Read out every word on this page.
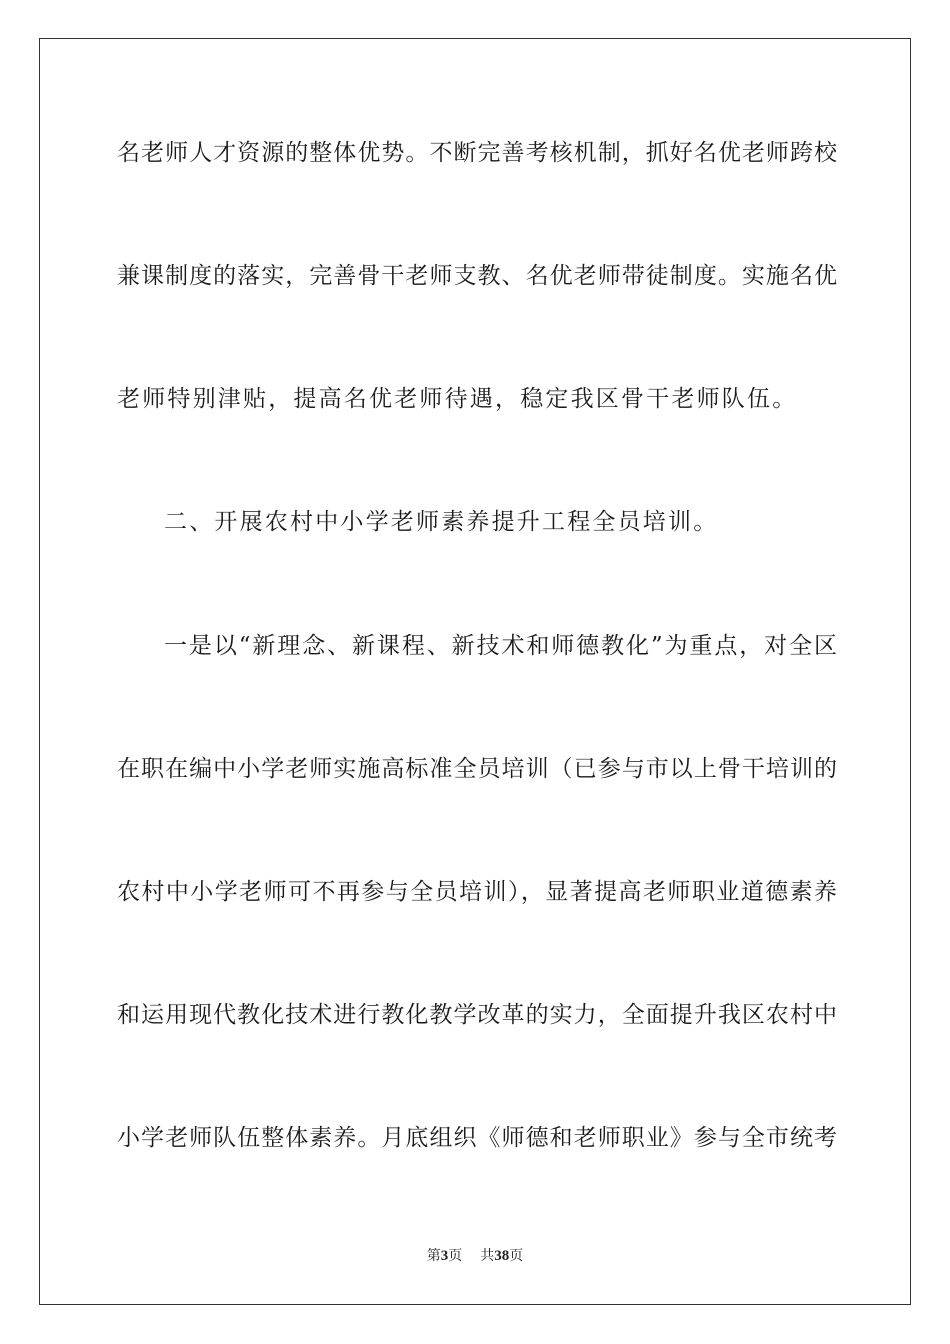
名老师人才资源的整体优势。不断完善考核机制，抓好名优老师跨校
兼课制度的落实，完善骨干老师支教、名优老师带徒制度。实施名优
老师特别津贴，提高名优老师待遇，稳定我区骨干老师队伍。
二、开展农村中小学老师素养提升工程全员培训。
一是以“新理念、新课程、新技术和师德教化”为重点，对全区
在职在编中小学老师实施高标准全员培训（已参与市以上骨干培训的
农村中小学老师可不再参与全员培训），显著提高老师职业道德素养
和运用现代教化技术进行教化教学改革的实力，全面提升我区农村中
小学老师队伍整体素养。月底组织《师德和老师职业》参与全市统考
第3页 共38页
